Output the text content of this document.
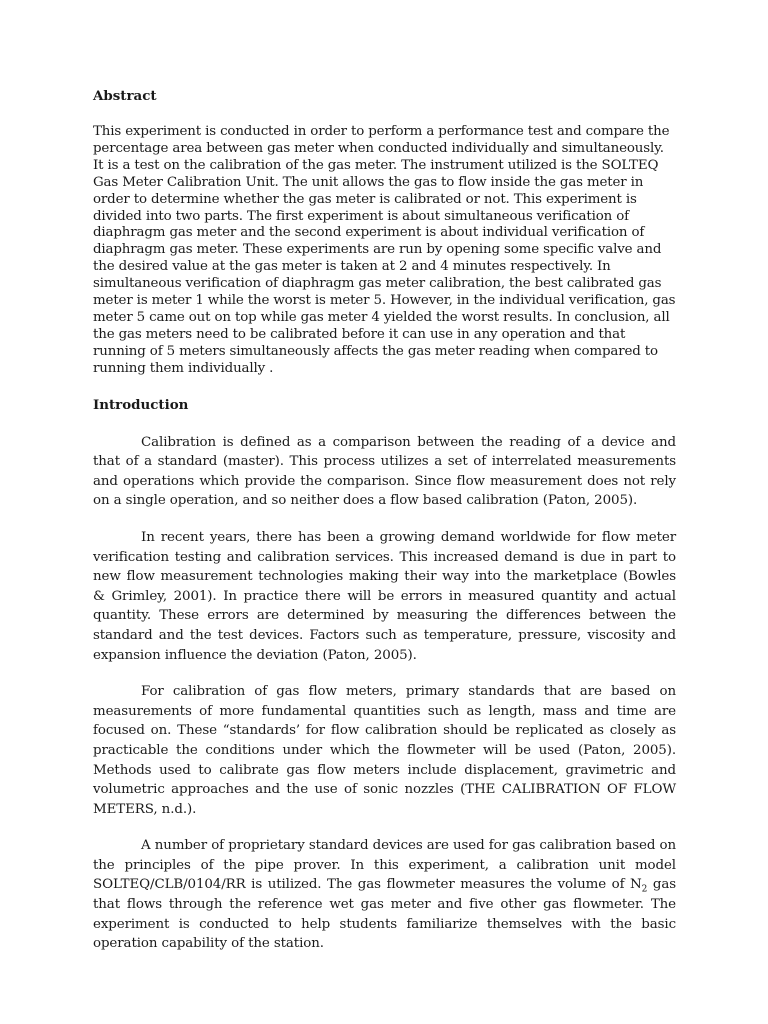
Abstract

This experiment is conducted in order to perform a performance test and compare the percentage area between gas meter when conducted individually and simultaneously. It is a test on the calibration of the gas meter. The instrument utilized is the SOLTEQ Gas Meter Calibration Unit. The unit allows the gas to flow inside the gas meter in order to determine whether the gas meter is calibrated or not. This experiment is divided into two parts. The first experiment is about simultaneous verification of diaphragm gas meter and the second experiment is about individual verification of diaphragm gas meter. These experiments are run by opening some specific valve and the desired value at the gas meter is taken at 2 and 4 minutes respectively. In simultaneous verification of diaphragm gas meter calibration, the best calibrated gas meter is meter 1 while the worst is meter 5. However, in the individual verification, gas meter 5 came out on top while gas meter 4 yielded the worst results. In conclusion, all the gas meters need to be calibrated before it can use in any operation and that running of 5 meters simultaneously affects the gas meter reading when compared to running them individually .

Introduction

Calibration is defined as a comparison between the reading of a device and that of a standard (master). This process utilizes a set of interrelated measurements and operations which provide the comparison. Since flow measurement does not rely on a single operation, and so neither does a flow based calibration (Paton, 2005).

In recent years, there has been a growing demand worldwide for flow meter verification testing and calibration services. This increased demand is due in part to new flow measurement technologies making their way into the marketplace (Bowles & Grimley, 2001). In practice there will be errors in measured quantity and actual quantity. These errors are determined by measuring the differences between the standard and the test devices. Factors such as temperature, pressure, viscosity and expansion influence the deviation (Paton, 2005).

For calibration of gas flow meters, primary standards that are based on measurements of more fundamental quantities such as length, mass and time are focused on. These “standards’ for flow calibration should be replicated as closely as practicable the conditions under which the flowmeter will be used (Paton, 2005). Methods used to calibrate gas flow meters include displacement, gravimetric and volumetric approaches and the use of sonic nozzles (THE CALIBRATION OF FLOW METERS, n.d.).

A number of proprietary standard devices are used for gas calibration based on the principles of the pipe prover. In this experiment, a calibration unit model SOLTEQ/CLB/0104/RR is utilized. The gas flowmeter measures the volume of $N_2$ gas that flows through the reference wet gas meter and five other gas flowmeter. The experiment is conducted to help students familiarize themselves with the basic operation capability of the station.
